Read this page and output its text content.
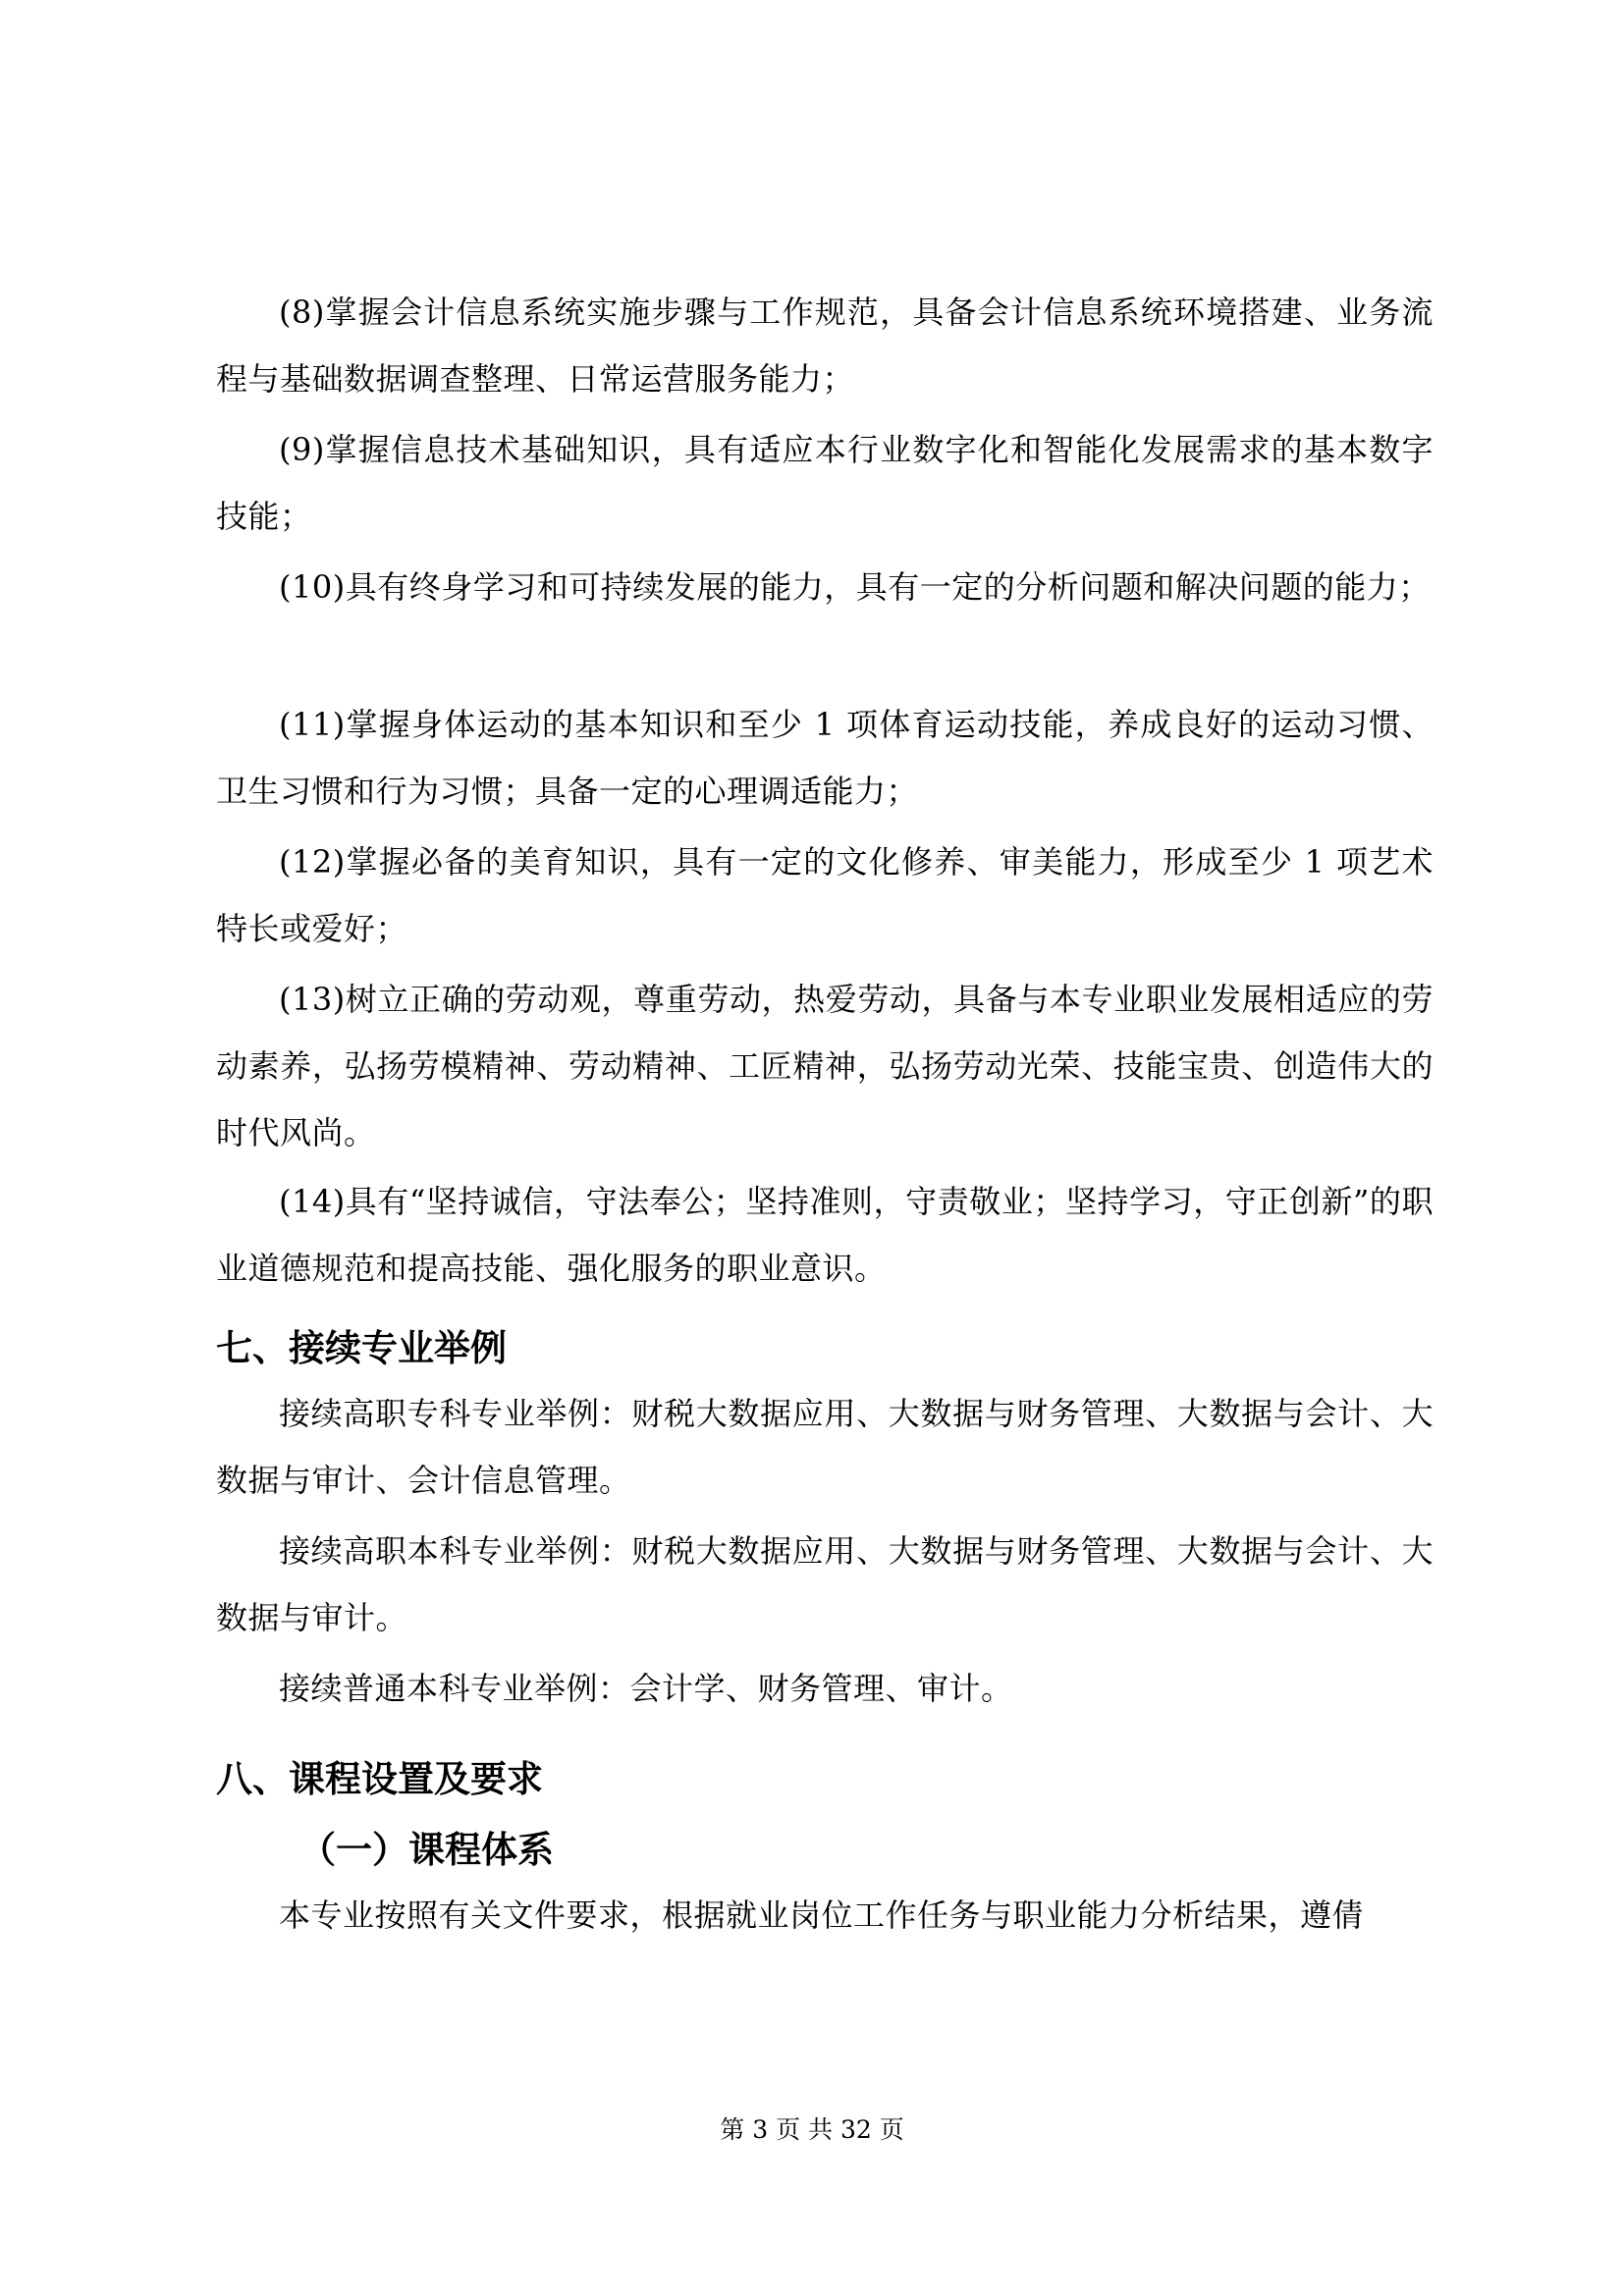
(8)掌握会计信息系统实施步骤与工作规范，具备会计信息系统环境搭建、业务流程与基础数据调查整理、日常运营服务能力；

(9)掌握信息技术基础知识，具有适应本行业数字化和智能化发展需求的基本数字技能；

(10)具有终身学习和可持续发展的能力，具有一定的分析问题和解决问题的能力；

(11)掌握身体运动的基本知识和至少 1 项体育运动技能，养成良好的运动习惯、卫生习惯和行为习惯；具备一定的心理调适能力；

(12)掌握必备的美育知识，具有一定的文化修养、审美能力，形成至少 1 项艺术特长或爱好；

(13)树立正确的劳动观，尊重劳动，热爱劳动，具备与本专业职业发展相适应的劳动素养，弘扬劳模精神、劳动精神、工匠精神，弘扬劳动光荣、技能宝贵、创造伟大的时代风尚。

(14)具有“坚持诚信，守法奉公；坚持准则，守责敬业；坚持学习，守正创新”的职业道德规范和提高技能、强化服务的职业意识。

七、接续专业举例

接续高职专科专业举例：财税大数据应用、大数据与财务管理、大数据与会计、大数据与审计、会计信息管理。

接续高职本科专业举例：财税大数据应用、大数据与财务管理、大数据与会计、大数据与审计。

接续普通本科专业举例：会计学、财务管理、审计。

八、课程设置及要求
（一）课程体系

本专业按照有关文件要求，根据就业岗位工作任务与职业能力分析结果，遵倩

第 3 页 共 32 页
